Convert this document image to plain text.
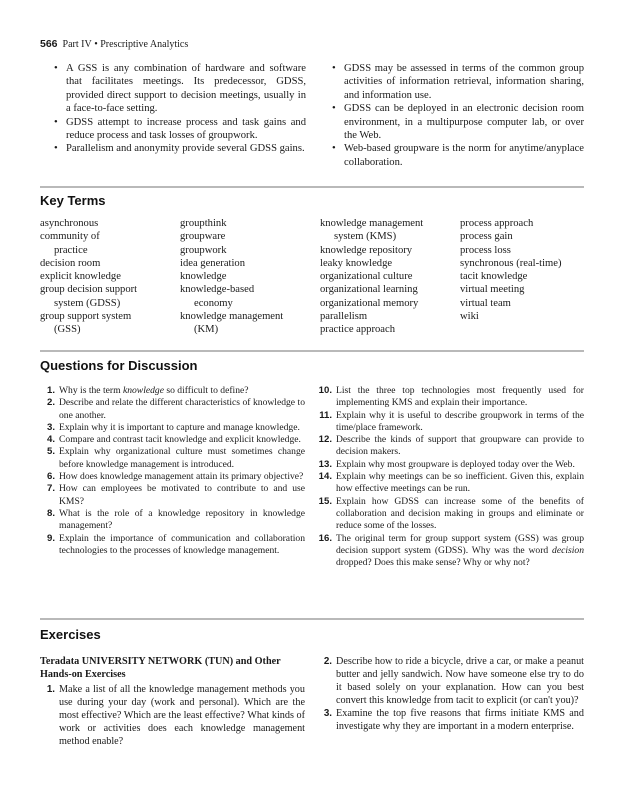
566 Part IV • Prescriptive Analytics
• A GSS is any combination of hardware and software that facilitates meetings. Its predecessor, GDSS, provided direct support to decision meetings, usually in a face-to-face setting.
• GDSS attempt to increase process and task gains and reduce process and task losses of groupwork.
• Parallelism and anonymity provide several GDSS gains.
• GDSS may be assessed in terms of the common group activities of information retrieval, information sharing, and information use.
• GDSS can be deployed in an electronic decision room environment, in a multipurpose computer lab, or over the Web.
• Web-based groupware is the norm for anytime/anyplace collaboration.
Key Terms
asynchronous
community of
practice
decision room
explicit knowledge
group decision support
system (GDSS)
group support system
(GSS)
groupthink
groupware
groupwork
idea generation
knowledge
knowledge-based
economy
knowledge management
(KM)
knowledge management
system (KMS)
knowledge repository
leaky knowledge
organizational culture
organizational learning
organizational memory
parallelism
practice approach
process approach
process gain
process loss
synchronous (real-time)
tacit knowledge
virtual meeting
virtual team
wiki
Questions for Discussion
1. Why is the term knowledge so difficult to define?
2. Describe and relate the different characteristics of knowledge to one another.
3. Explain why it is important to capture and manage knowledge.
4. Compare and contrast tacit knowledge and explicit knowledge.
5. Explain why organizational culture must sometimes change before knowledge management is introduced.
6. How does knowledge management attain its primary objective?
7. How can employees be motivated to contribute to and use KMS?
8. What is the role of a knowledge repository in knowledge management?
9. Explain the importance of communication and collaboration technologies to the processes of knowledge management.
10. List the three top technologies most frequently used for implementing KMS and explain their importance.
11. Explain why it is useful to describe groupwork in terms of the time/place framework.
12. Describe the kinds of support that groupware can provide to decision makers.
13. Explain why most groupware is deployed today over the Web.
14. Explain why meetings can be so inefficient. Given this, explain how effective meetings can be run.
15. Explain how GDSS can increase some of the benefits of collaboration and decision making in groups and eliminate or reduce some of the losses.
16. The original term for group support system (GSS) was group decision support system (GDSS). Why was the word decision dropped? Does this make sense? Why or why not?
Exercises
Teradata UNIVERSITY NETWORK (TUN) and Other Hands-on Exercises
1. Make a list of all the knowledge management methods you use during your day (work and personal). Which are the most effective? Which are the least effective? What kinds of work or activities does each knowledge management method enable?
2. Describe how to ride a bicycle, drive a car, or make a peanut butter and jelly sandwich. Now have someone else try to do it based solely on your explanation. How can you best convert this knowledge from tacit to explicit (or can't you)?
3. Examine the top five reasons that firms initiate KMS and investigate why they are important in a modern enterprise.
